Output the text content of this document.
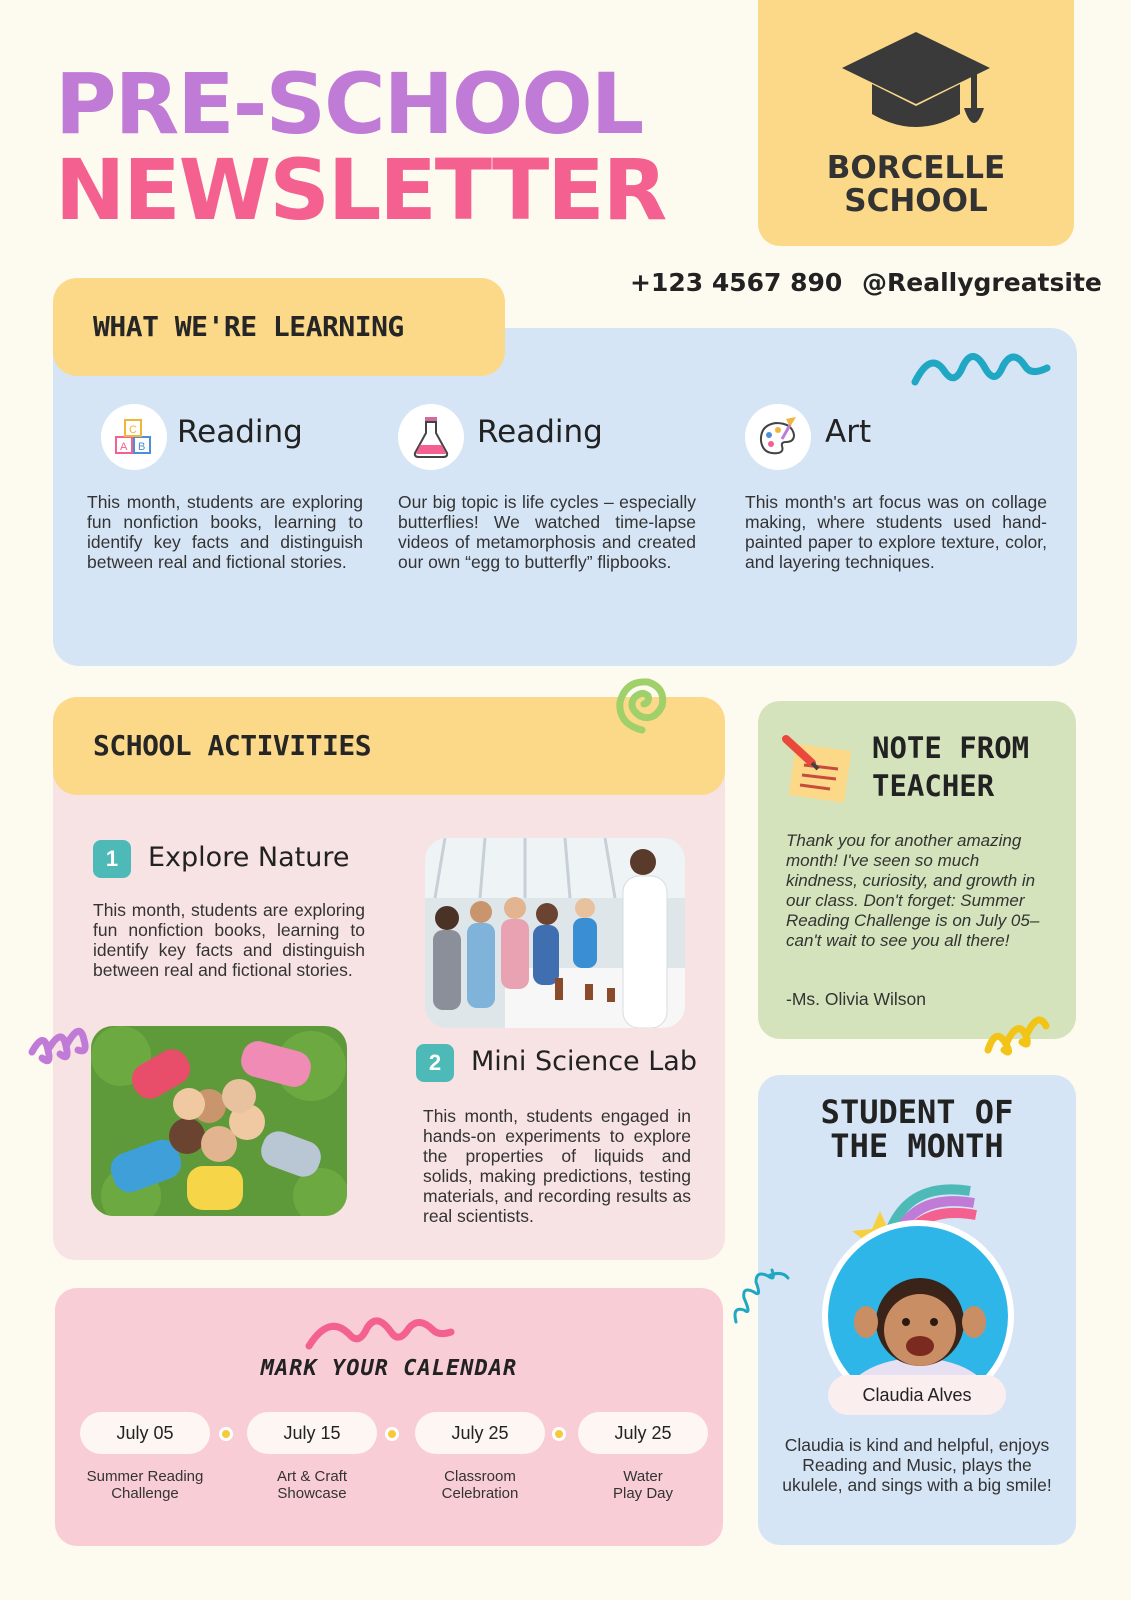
PRE-SCHOOL
NEWSLETTER	BORCELLE
SCHOOL
+123 4567 890 @Reallygreatsite
A B
C Reading
This month, students are exploring fun nonfiction books, learning to identify key facts and distinguish between real and fictional stories.
Reading
Our big topic is life cycles – especially butterflies! We watched time-lapse videos of metamorphosis and created our own “egg to butterfly” flipbooks.
Art
This month's art focus was on collage making, where students used hand-painted paper to explore texture, color, and layering techniques.
WHAT WE'RE LEARNING
1	Explore Nature
This month, students are exploring fun nonfiction books, learning to identify key facts and distinguish between real and fictional stories.
2	Mini Science Lab
This month, students engaged in hands-on experiments to explore the properties of liquids and solids, making predictions, testing materials, and recording results as real scientists.
SCHOOL ACTIVITIES	NOTE FROM
TEACHER
Thank you for another amazing month! I've seen so much kindness, curiosity, and growth in our class. Don't forget: Summer Reading Challenge is on July 05–can't wait to see you all there!
-Ms. Olivia Wilson
STUDENT OF
THE MONTH
Claudia Alves
Claudia is kind and helpful, enjoys Reading and Music, plays the ukulele, and sings with a big smile!
MARK YOUR CALENDAR
July 05	July 15	July 25	July 25
Summer Reading
Challenge
Art & Craft
Showcase
Classroom
Celebration
Water
Play Day
